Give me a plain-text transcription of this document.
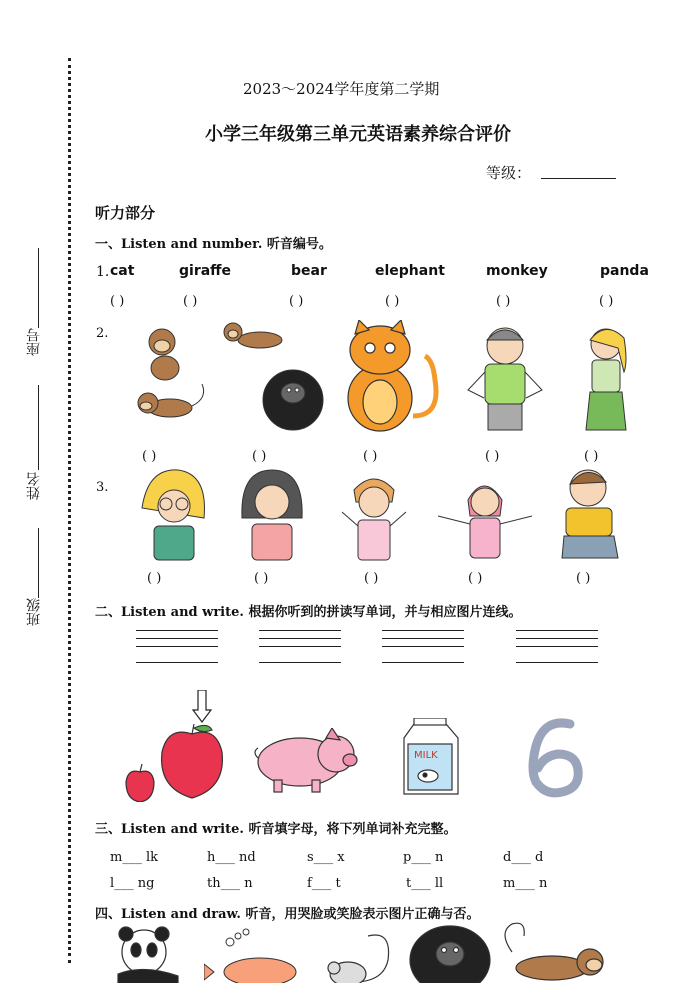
座号
姓名
班级
2023～2024学年度第二学期
小学三年级第三单元英语素养综合评价
等级：
听力部分
一、Listen and number. 听音编号。
1. cat	giraffe	bear	elephant	monkey	panda
( )	( )	( )	( )	( )	( )
2.
( )	( )	( )	( )	( )
3.
( )	( )	( )	( )	( )
二、Listen and write. 根据你听到的拼读写单词，并与相应图片连线。
MILK
三、Listen and write. 听音填字母，将下列单词补充完整。
m___ lk	h___ nd	s___ x	p___ n	d___ d
l___ ng	th___ n	f___ t	t___ ll	m___ n
四、Listen and draw. 听音，用哭脸或笑脸表示图片正确与否。
